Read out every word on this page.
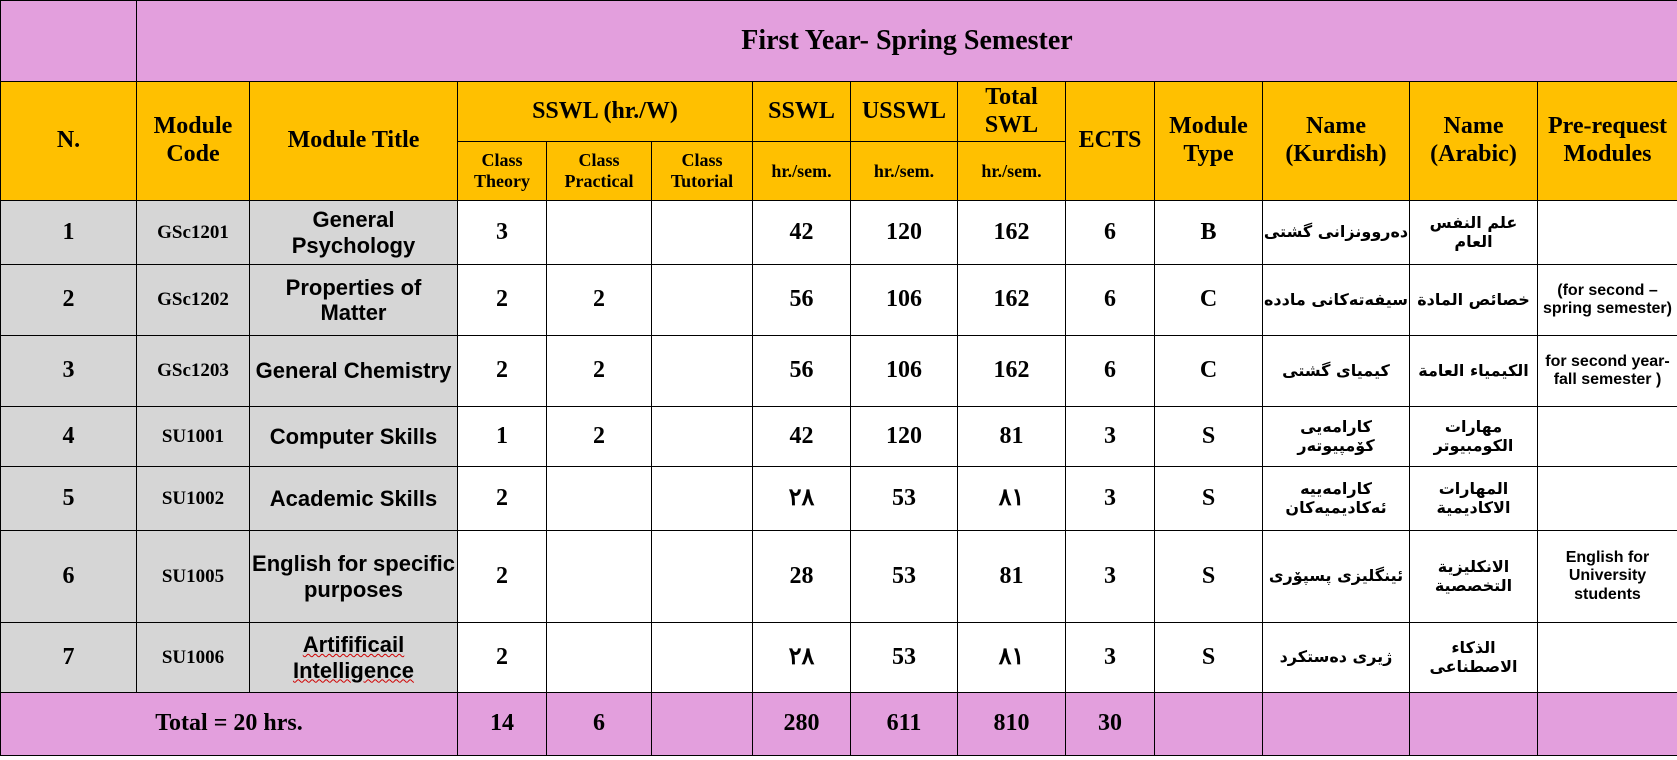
	First Year- Spring Semester												
N.	Module Code	Module Title	SSWL (hr./W)			SSWL	USSWL	Total SWL	ECTS	Module Type	Name (Kurdish)	Name (Arabic)	Pre-request Modules
			Class Theory	Class Practical	Class Tutorial	hr./sem.	hr./sem.	hr./sem.					
1	GSc1201	General Psychology	3			42	120	162	6	B	دەروونزانی گشتی	علم النفس العام	
2	GSc1202	Properties of Matter	2	2		56	106	162	6	C	سیفەتەکانی مادده	خصائص المادة	(for second – spring semester)
3	GSc1203	General Chemistry	2	2		56	106	162	6	C	کیمیای گشتی	الكيمياء العامة	for second year-fall semester )
4	SU1001	Computer Skills	1	2		42	120	81	3	S	کارامەیی کۆمپیوتەر	مهارات الكومبيوتر	
5	SU1002	Academic Skills	2			٢٨	53	٨١	3	S	کارامەییە ئەکادیمیەکان	المهارات الاكاديمية	
6	SU1005	English for specific purposes	2			28	53	81	3	S	ئینگلیزی پسپۆری	الانكليزية التخصصية	English for University students
7	SU1006	Artifificail Intelligence	2			٢٨	53	٨١	3	S	ژیری دەستکرد	الذكاء الاصطناعى	
Total = 20 hrs.			14	6		280	611	810	30				
